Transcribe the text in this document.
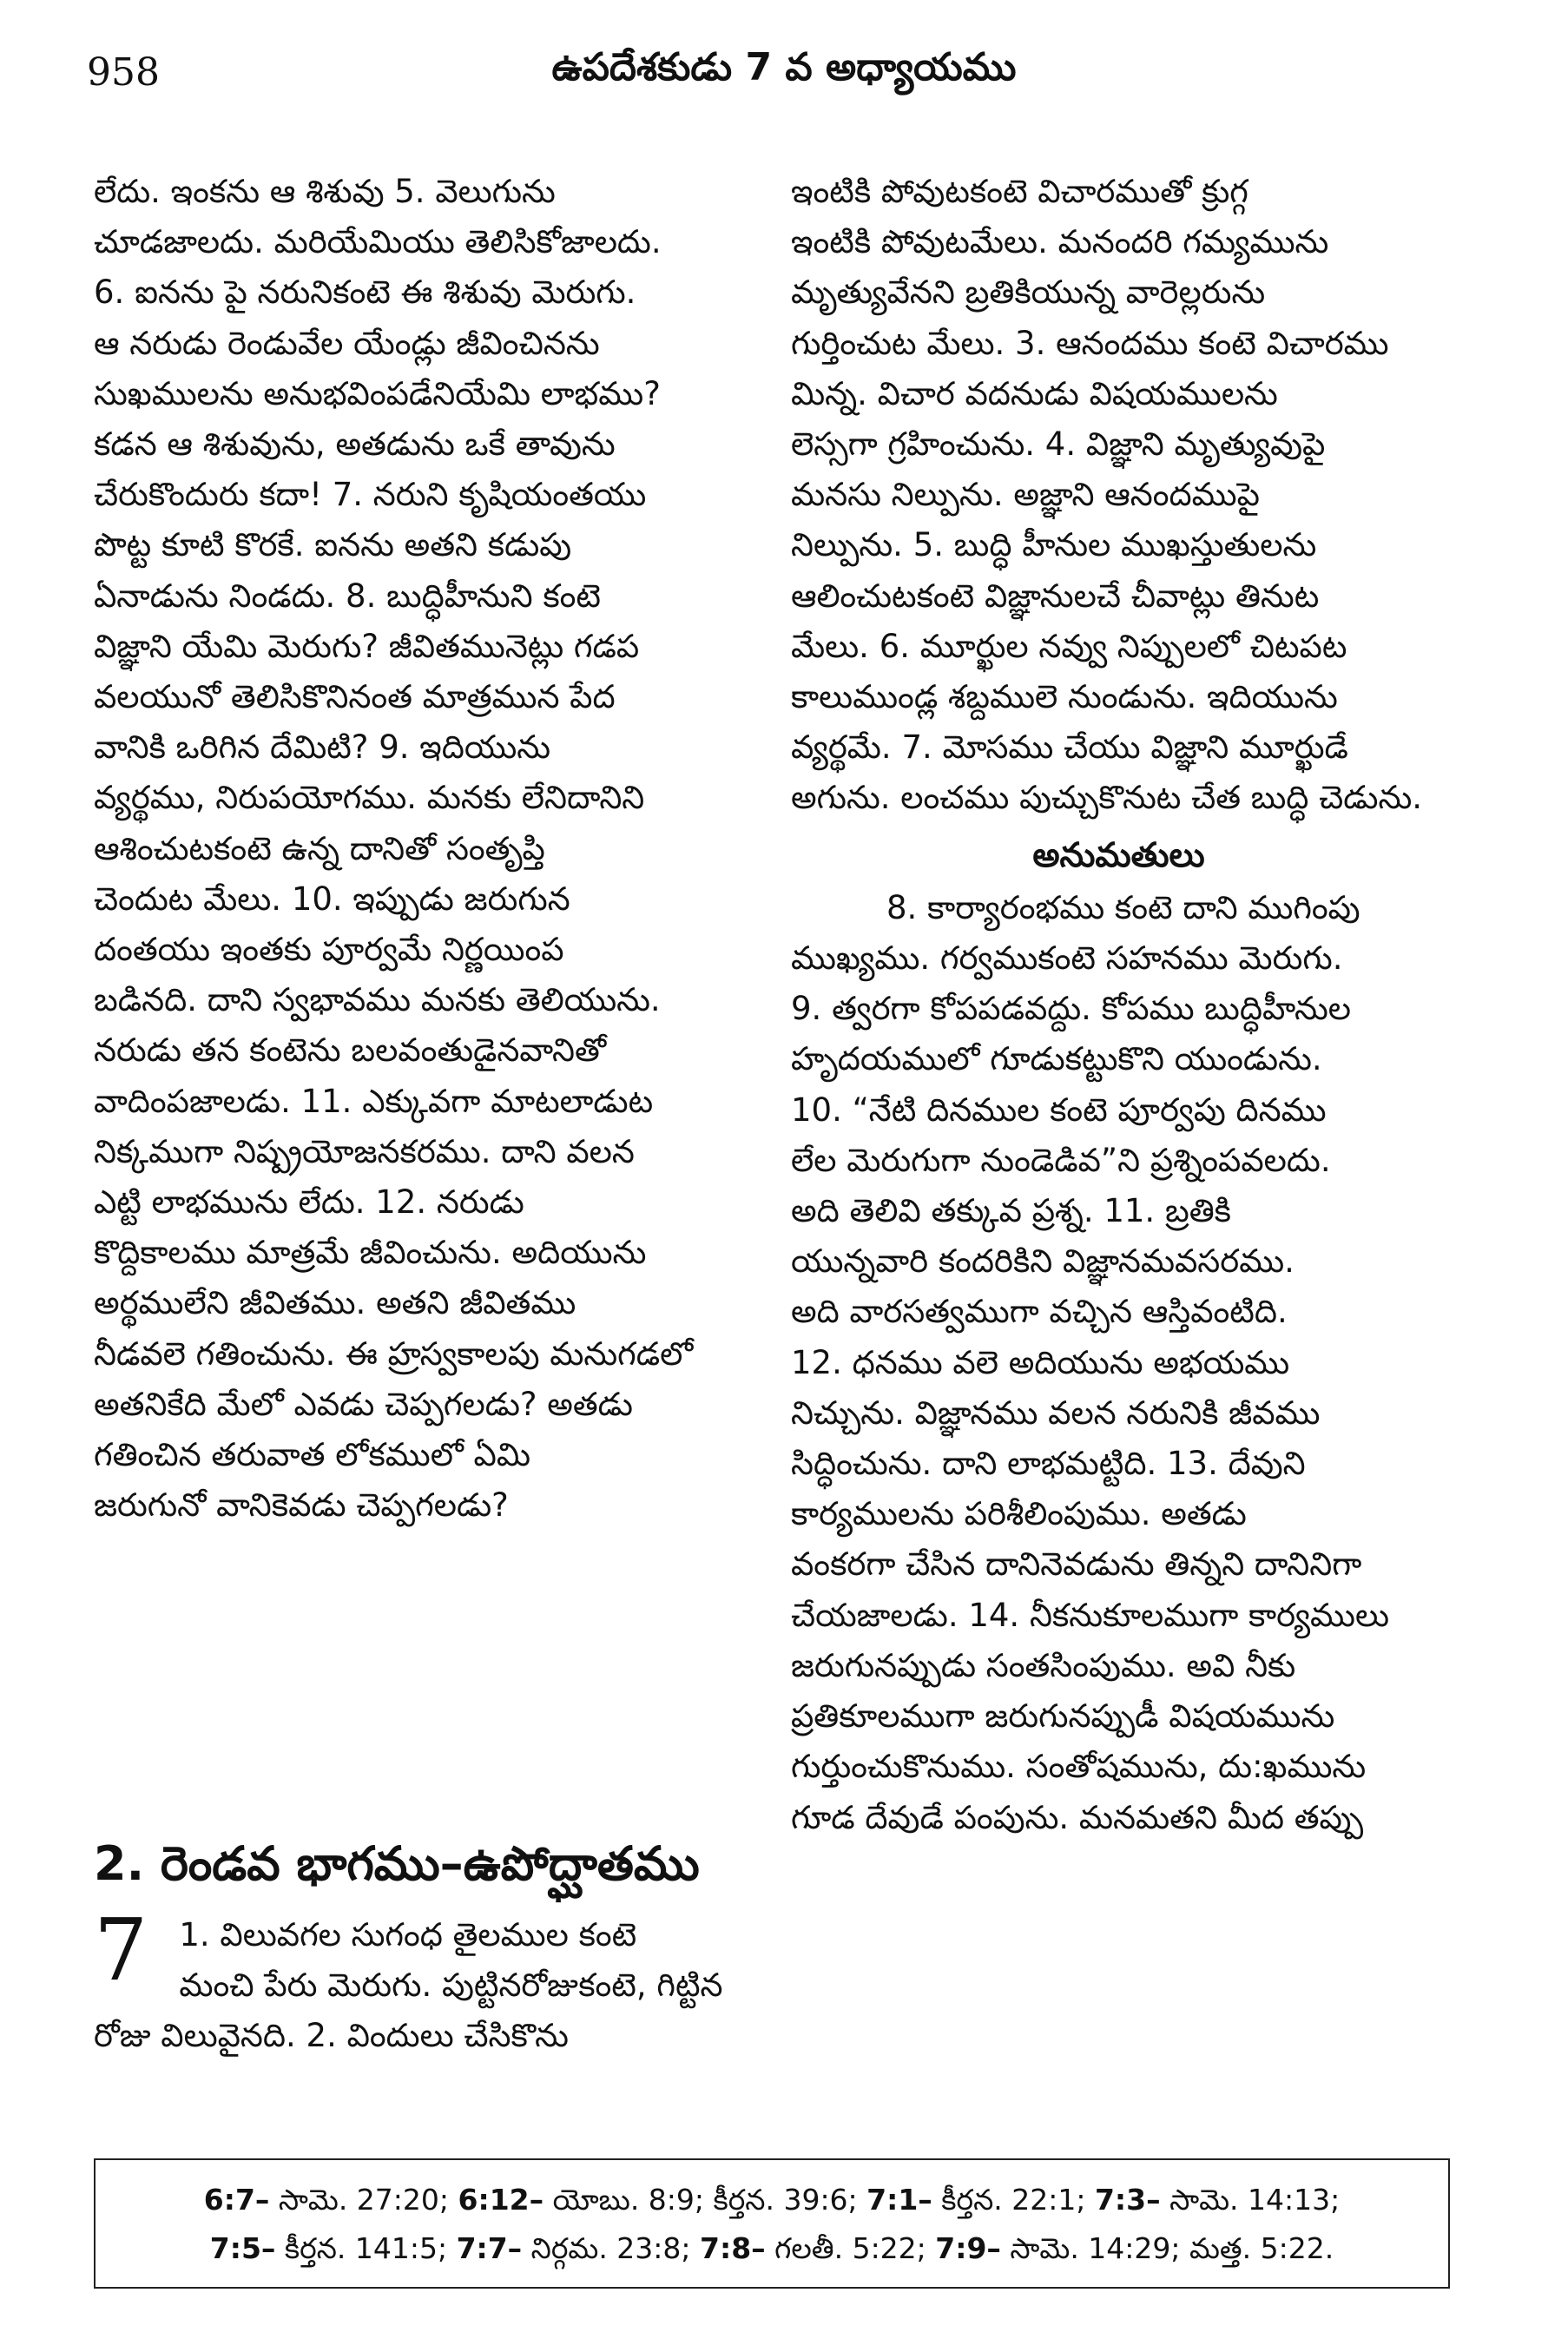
958	ఉపదేశకుడు 7 వ అధ్యాయము

లేదు. ఇంకను ఆ శిశువు 5. వెలుగును

చూడజాలదు. మరియేమియు తెలిసికోజాలదు.

6. ఐనను పై నరునికంటె ఈ శిశువు మెరుగు.

ఆ నరుడు రెండువేల యేండ్లు జీవించినను

సుఖములను అనుభవింపడేనియేమి లాభము?

కడన ఆ శిశువును, అతడును ఒకే తావును

చేరుకొందురు కదా! 7. నరుని కృషియంతయు

పొట్ట కూటి కొరకే. ఐనను అతని కడుపు

ఏనాడును నిండదు. 8. బుద్ధిహీనుని కంటె

విజ్ఞాని యేమి మెరుగు? జీవితమునెట్లు గడప

వలయునో తెలిసికొనినంత మాత్రమున పేద

వానికి ఒరిగిన దేమిటి? 9. ఇదియును

వ్యర్థము, నిరుపయోగము. మనకు లేనిదానిని

ఆశించుటకంటె ఉన్న దానితో సంతృప్తి

చెందుట మేలు. 10. ఇప్పుడు జరుగున

దంతయు ఇంతకు పూర్వమే నిర్ణయింప

బడినది. దాని స్వభావము మనకు తెలియును.

నరుడు తన కంటెను బలవంతుడైనవానితో

వాదింపజాలడు. 11. ఎక్కువగా మాటలాడుట

నిక్కముగా నిష్ప్రయోజనకరము. దాని వలన

ఎట్టి లాభమును లేదు. 12. నరుడు

కొద్దికాలము మాత్రమే జీవించును. అదియును

అర్థములేని జీవితము. అతని జీవితము

నీడవలె గతించును. ఈ హ్రస్వకాలపు మనుగడలో

అతనికేది మేలో ఎవడు చెప్పగలడు? అతడు

గతించిన తరువాత లోకములో ఏమి

జరుగునో వానికెవడు చెప్పగలడు?

2. రెండవ భాగము–ఉపోద్ఘాతము
7 1. విలువగల సుగంధ తైలముల కంటె

మంచి పేరు మెరుగు. పుట్టినరోజుకంటె, గిట్టిన

రోజు విలువైనది. 2. విందులు చేసికొను

ఇంటికి పోవుటకంటె విచారముతో క్రుగ్గ

ఇంటికి పోవుటమేలు. మనందరి గమ్యమును

మృత్యువేనని బ్రతికియున్న వారెల్లరును

గుర్తించుట మేలు. 3. ఆనందము కంటె విచారము

మిన్న. విచార వదనుడు విషయములను

లెస్సగా గ్రహించును. 4. విజ్ఞాని మృత్యువుపై

మనసు నిల్పును. అజ్ఞాని ఆనందముపై

నిల్పును. 5. బుద్ధి హీనుల ముఖస్తుతులను

ఆలించుటకంటె విజ్ఞానులచే చీవాట్లు తినుట

మేలు. 6. మూర్ఖుల నవ్వు నిప్పులలో చిటపట

కాలుముండ్ల శబ్దములె నుండును. ఇదియును

వ్యర్థమే. 7. మోసము చేయు విజ్ఞాని మూర్ఖుడే

అగును. లంచము పుచ్చుకొనుట చేత బుద్ధి చెడును.

అనుమతులు

8. కార్యారంభము కంటె దాని ముగింపు

ముఖ్యము. గర్వముకంటె సహనము మెరుగు.

9. త్వరగా కోపపడవద్దు. కోపము బుద్ధిహీనుల

హృదయములో గూడుకట్టుకొని యుండును.

10. “నేటి దినముల కంటె పూర్వపు దినము

లేల మెరుగుగా నుండెడివ”ని ప్రశ్నింపవలదు.

అది తెలివి తక్కువ ప్రశ్న. 11. బ్రతికి

యున్నవారి కందరికిని విజ్ఞానమవసరము.

అది వారసత్వముగా వచ్చిన ఆస్తివంటిది.

12. ధనము వలె అదియును అభయము

నిచ్చును. విజ్ఞానము వలన నరునికి జీవము

సిద్ధించును. దాని లాభమట్టిది. 13. దేవుని

కార్యములను పరిశీలింపుము. అతడు

వంకరగా చేసిన దానినెవడును తిన్నని దానినిగా

చేయజాలడు. 14. నీకనుకూలముగా కార్యములు

జరుగునప్పుడు సంతసింపుము. అవి నీకు

ప్రతికూలముగా జరుగునప్పుడీ విషయమును

గుర్తుంచుకొనుము. సంతోషమును, దు:ఖమును

గూడ దేవుడే పంపును. మనమతని మీద తప్పు

6:7– సామె. 27:20; 6:12– యోబు. 8:9; కీర్తన. 39:6; 7:1– కీర్తన. 22:1; 7:3– సామె. 14:13;
7:5– కీర్తన. 141:5; 7:7– నిర్గమ. 23:8; 7:8– గలతీ. 5:22; 7:9– సామె. 14:29; మత్త. 5:22.
